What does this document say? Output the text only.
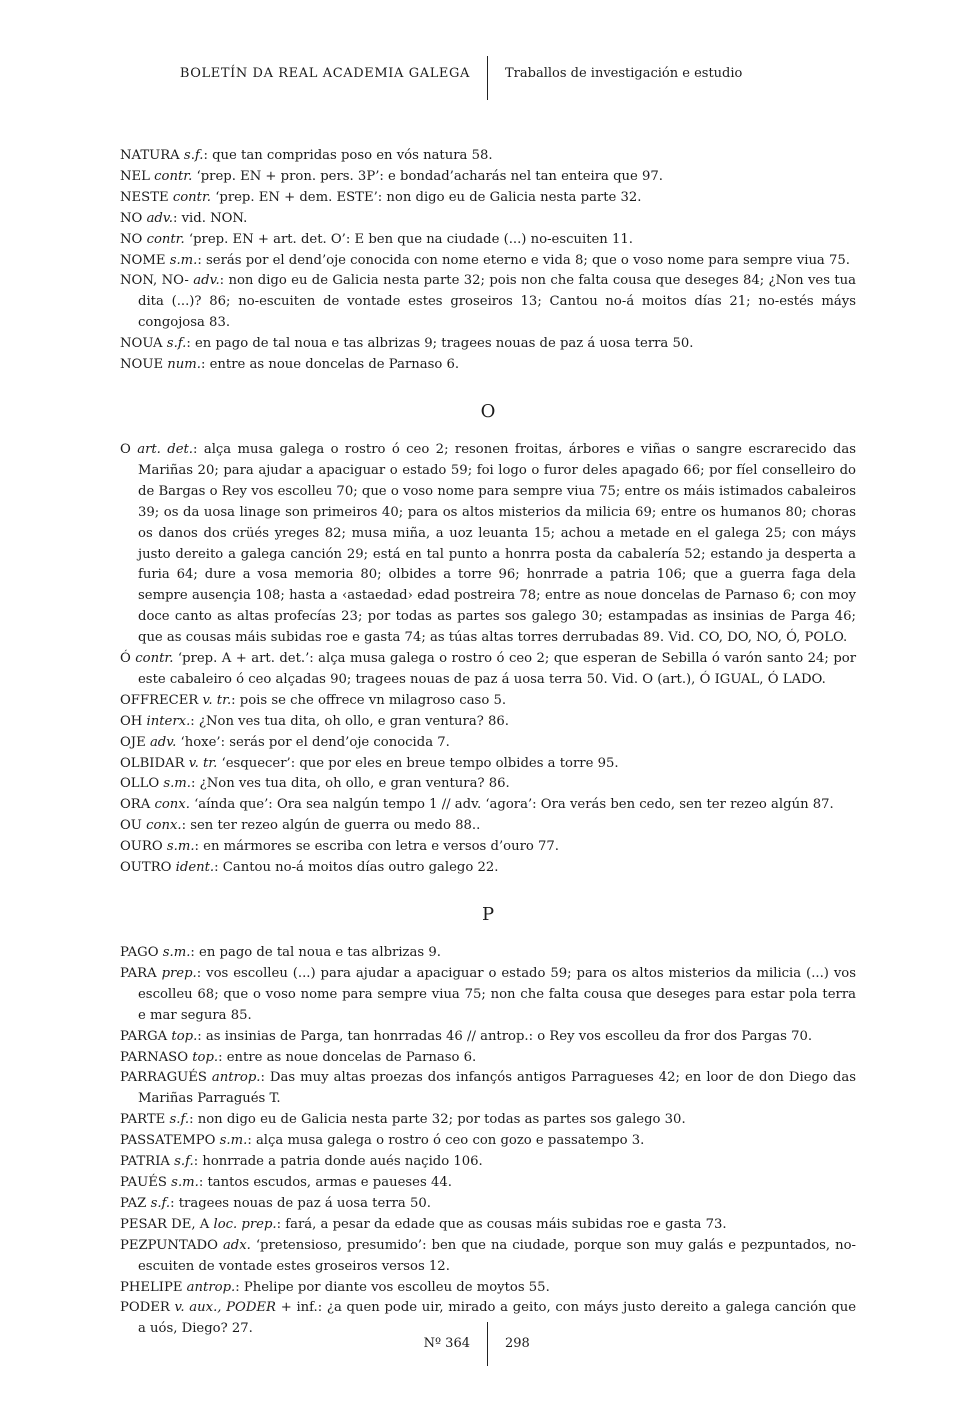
BOLETÍN DA REAL ACADEMIA GALEGA	Traballos de investigación e estudio

NATURA s.f.: que tan compridas poso en vós natura 58.

NEL contr. ‘prep. EN + pron. pers. 3P’: e bondad’acharás nel tan enteira que 97.

NESTE contr. ‘prep. EN + dem. ESTE’: non digo eu de Galicia nesta parte 32.

NO adv.: vid. NON.

NO contr. ‘prep. EN + art. det. O’: E ben que na ciudade (...) no-escuiten 11.

NOME s.m.: serás por el dend’oje conocida con nome eterno e vida 8; que o voso nome para sempre viua 75.

NON, NO- adv.: non digo eu de Galicia nesta parte 32; pois non che falta cousa que deseges 84; ¿Non ves tua dita (...)? 86; no-escuiten de vontade estes groseiros 13; Cantou no-á moitos días 21; no-estés máys congojosa 83.

NOUA s.f.: en pago de tal noua e tas albrizas 9; tragees nouas de paz á uosa terra 50.

NOUE num.: entre as noue doncelas de Parnaso 6.

O

O art. det.: alça musa galega o rostro ó ceo 2; resonen froitas, árbores e viñas o sangre escrarecido das Mariñas 20; para ajudar a apaciguar o estado 59; foi logo o furor deles apagado 66; por fíel conselleiro do de Bargas o Rey vos escolleu 70; que o voso nome para sempre viua 75; entre os máis istimados cabaleiros 39; os da uosa linage son primeiros 40; para os altos misterios da milicia 69; entre os humanos 80; choras os danos dos crüés yreges 82; musa miña, a uoz leuanta 15; achou a metade en el galega 25; con máys justo dereito a galega canción 29; está en tal punto a honrra posta da cabalería 52; estando ja desperta a furia 64; dure a vosa memoria 80; olbides a torre 96; honrrade a patria 106; que a guerra faga dela sempre ausençia 108; hasta a ‹astaedad› edad postreira 78; entre as noue doncelas de Parnaso 6; con moy doce canto as altas profecías 23; por todas as partes sos galego 30; estampadas as insinias de Parga 46; que as cousas máis subidas roe e gasta 74; as túas altas torres derrubadas 89. Vid. CO, DO, NO, Ó, POLO.

Ó contr. ‘prep. A + art. det.’: alça musa galega o rostro ó ceo 2; que esperan de Sebilla ó varón santo 24; por este cabaleiro ó ceo alçadas 90; tragees nouas de paz á uosa terra 50. Vid. O (art.), Ó IGUAL, Ó LADO.

OFFRECER v. tr.: pois se che offrece vn milagroso caso 5.

OH interx.: ¿Non ves tua dita, oh ollo, e gran ventura? 86.

OJE adv. ‘hoxe’: serás por el dend’oje conocida 7.

OLBIDAR v. tr. ‘esquecer’: que por eles en breue tempo olbides a torre 95.

OLLO s.m.: ¿Non ves tua dita, oh ollo, e gran ventura? 86.

ORA conx. ‘aínda que’: Ora sea nalgún tempo 1 // adv. ‘agora’: Ora verás ben cedo, sen ter rezeo algún 87.

OU conx.: sen ter rezeo algún de guerra ou medo 88..

OURO s.m.: en mármores se escriba con letra e versos d’ouro 77.

OUTRO ident.: Cantou no-á moitos días outro galego 22.

P

PAGO s.m.: en pago de tal noua e tas albrizas 9.

PARA prep.: vos escolleu (...) para ajudar a apaciguar o estado 59; para os altos misterios da milicia (...) vos escolleu 68; que o voso nome para sempre viua 75; non che falta cousa que deseges para estar pola terra e mar segura 85.

PARGA top.: as insinias de Parga, tan honrradas 46 // antrop.: o Rey vos escolleu da fror dos Pargas 70.

PARNASO top.: entre as noue doncelas de Parnaso 6.

PARRAGUÉS antrop.: Das muy altas proezas dos infançós antigos Parragueses 42; en loor de don Diego das Mariñas Parragués T.

PARTE s.f.: non digo eu de Galicia nesta parte 32; por todas as partes sos galego 30.

PASSATEMPO s.m.: alça musa galega o rostro ó ceo con gozo e passatempo 3.

PATRIA s.f.: honrrade a patria donde aués naçido 106.

PAUÉS s.m.: tantos escudos, armas e paueses 44.

PAZ s.f.: tragees nouas de paz á uosa terra 50.

PESAR DE, A loc. prep.: fará, a pesar da edade que as cousas máis subidas roe e gasta 73.

PEZPUNTADO adx. ‘pretensioso, presumido’: ben que na ciudade, porque son muy galás e pezpuntados, no-escuiten de vontade estes groseiros versos 12.

PHELIPE antrop.: Phelipe por diante vos escolleu de moytos 55.

PODER v. aux., PODER + inf.: ¿a quen pode uir, mirado a geito, con máys justo dereito a galega canción que a uós, Diego? 27.

Nº 364	298
